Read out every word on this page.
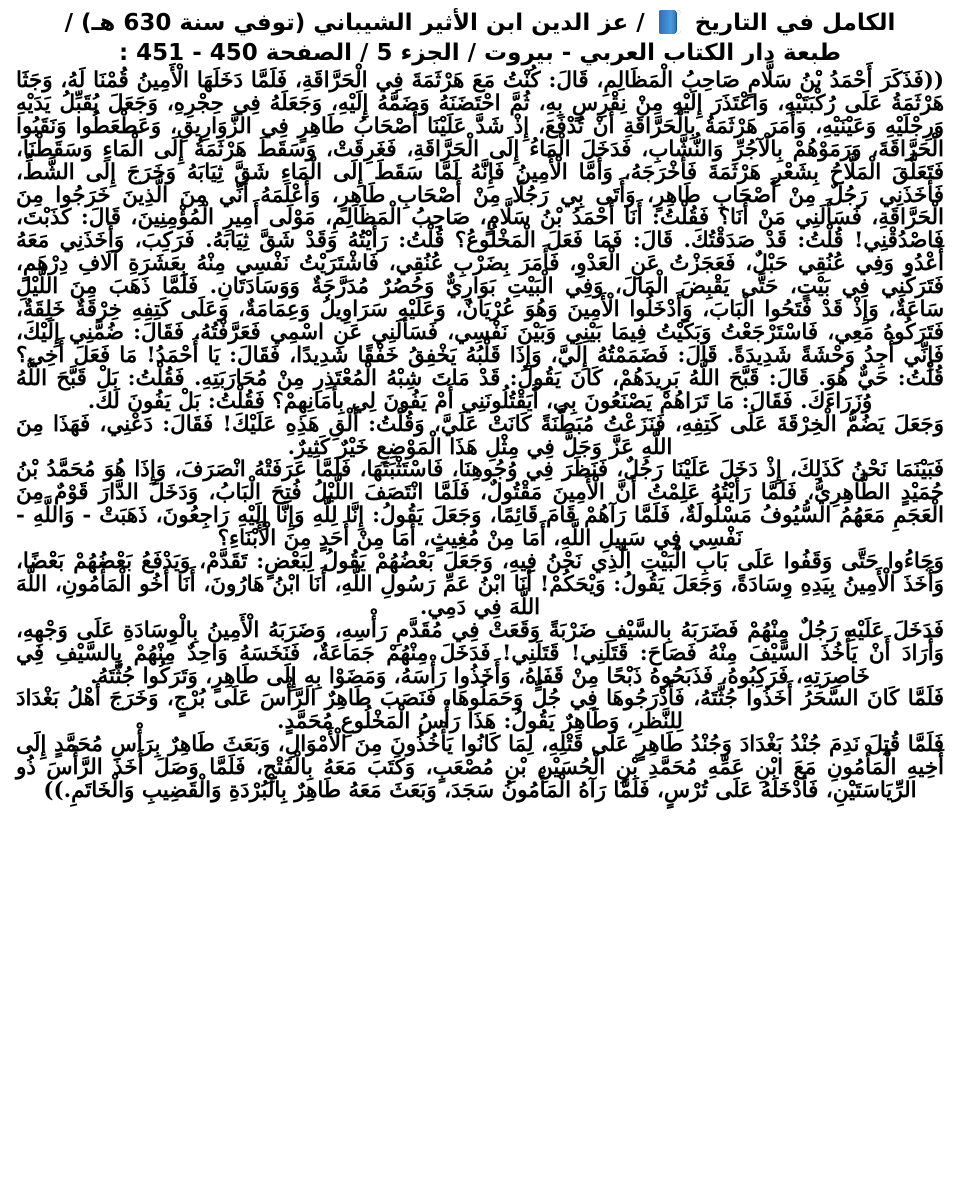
الكامل في التاريخ  / عز الدين ابن الأثير الشيباني (توفي سنة 630 هـ) /
طبعة دار الكتاب العربي - بيروت / الجزء 5 / الصفحة 450 - 451 :

((فَذَكَرَ أَحْمَدُ بْنُ سَلَّامٍ صَاحِبُ الْمَظَالِمِ، قَالَ: كُنْتُ مَعَ هَرْثَمَةَ فِي الْحَرَّاقَةِ، فَلَمَّا دَخَلَهَا الْأَمِينُ قُمْنَا لَهُ، وَجَثَا هَرْثَمَةُ عَلَى رُكْبَتَيْهِ، وَاعْتَذَرَ إِلَيْهِ مِنْ نِقْرِسٍ بِهِ، ثُمَّ احْتَضَنَهُ وَضَمَّهُ إِلَيْهِ، وَجَعَلَهُ فِي حِجْرِهِ، وَجَعَلَ يُقَبِّلُ يَدَيْهِ وَرِجْلَيْهِ وَعَيْنَيْهِ، وَأَمَرَ هَرْثَمَةُ بِالْحَرَّاقَةِ أَنْ تُدْفَعَ، إِذْ شَدَّ عَلَيْنَا أَصْحَابُ طَاهِرٍ فِي الزَّوَارِيقِ، وَعَطْعَطُوا وَنَقَبُوا الْحَرَّاقَةَ، وَرَمَوْهُمْ بِالْآجُرِّ وَالنُّشَّابِ، فَدَخَلَ الْمَاءُ إِلَى الْحَرَّاقَةِ، فَغَرِقَتْ، وَسَقَطَ هَرْثَمَةُ إِلَى الْمَاءِ وَسَقَطْنَا، فَتَعَلَّقَ الْمَلَّاحُ بِشَعْرِ هَرْثَمَةَ فَأَخْرَجَهُ، وَأَمَّا الْأَمِينُ فَإِنَّهُ لَمَّا سَقَطَ إِلَى الْمَاءِ شَقَّ ثِيَابَهُ وَخَرَجَ إِلَى الشَّطِّ، فَأَخَذَنِي رَجُلٌ مِنْ أَصْحَابِ طَاهِرٍ، وَأَتَى بِي رَجُلًا مِنْ أَصْحَابِ طَاهِرٍ، وَأَعْلَمَهُ أَنِّي مِنَ الَّذِينَ خَرَجُوا مِنَ الْحَرَّاقَةِ، فَسَأَلَنِي مَنْ أَنَا؟ فَقُلْتُ: أَنَا أَحْمَدُ بْنُ سَلَّامٍ، صَاحِبُ الْمَظَالِمِ، مَوْلَى أَمِيرِ الْمُؤْمِنِينَ، قَالَ: كَذَبْتَ، فَاصْدُقْنِي! قُلْتُ: قَدْ صَدَقْتُكَ. قَالَ: فَمَا فَعَلَ الْمَخْلُوعُ؟ قُلْتُ: رَأَيْتُهُ وَقَدْ شَقَّ ثِيَابَهُ. فَرَكِبَ، وَأَخَذَنِي مَعَهُ أَعْدُو وَفِي عُنُقِي حَبْلٌ، فَعَجَزْتُ عَنِ الْعَدْوِ، فَأَمَرَ بِضَرْبِ عُنُقِي، فَاشْتَرَيْتُ نَفْسِي مِنْهُ بِعَشَرَةِ آلَافِ دِرْهَمٍ، فَتَرَكَنِي فِي بَيْتٍ، حَتَّى يَقْبِضَ الْمَالَ، وَفِي الْبَيْتِ بَوَارِيٌّ وَحُصُرٌ مُدَرَّجَةٌ وَوَسَادَتَانِ. فَلَمَّا ذَهَبَ مِنَ اللَّيْلِ سَاعَةٌ، وَإِذْ قَدْ فَتَحُوا الْبَابَ، وَأَدْخَلُوا الْأَمِينَ وَهُوَ عُرْيَانٌ، وَعَلَيْهِ سَرَاوِيلُ وَعِمَامَةٌ، وَعَلَى كَتِفِهِ خِرْقَةٌ خَلِقَةٌ، فَتَرَكُوهُ مَعِي، فَاسْتَرْجَعْتُ وَبَكَيْتُ فِيمَا بَيْنِي وَبَيْنَ نَفْسِي، فَسَأَلَنِي عَنِ اسْمِي فَعَرَّفْتُهُ، فَقَالَ: ضُمَّنِي إِلَيْكَ، فَإِنِّي أَجِدُ وَحْشَةً شَدِيدَةً. قَالَ: فَضَمَمْتُهُ إِلَيَّ، وَإِذَا قَلْبُهُ يَخْفِقُ خَفْقًا شَدِيدًا، فَقَالَ: يَا أَحْمَدُ! مَا فَعَلَ أَخِي؟ قُلْتُ: حَيٌّ هُوَ. قَالَ: قَبَّحَ اللَّهُ بَرِيدَهُمْ، كَانَ يَقُولُ: قَدْ مَاتَ شِبْهُ الْمُعْتَذِرِ مِنْ مُحَارَبَتِهِ. فَقُلْتُ: بَلْ قَبَّحَ اللَّهُ وُزَرَاءَكَ. فَقَالَ: مَا تَرَاهُمْ يَصْنَعُونَ بِي، أَيَقْتُلُونَنِي أَمْ يَفُونَ لِي بِأَمَانِهِمْ؟ فَقُلْتُ: بَلْ يَفُونَ لَكَ.

وَجَعَلَ يَضُمُّ الْخِرْقَةَ عَلَى كَتِفِهِ، فَنَزَعْتُ مُبَطَّنَةً كَانَتْ عَلَيَّ، وَقُلْتُ: أَلْقِ هَذِهِ عَلَيْكَ! فَقَالَ: دَعْنِي، فَهَذَا مِنَ اللَّهِ عَزَّ وَجَلَّ فِي مِثْلِ هَذَا الْمَوْضِعِ خَيْرٌ كَثِيرٌ.

فَبَيْنَمَا نَحْنُ كَذَلِكَ، إِذْ دَخَلَ عَلَيْنَا رَجُلٌ، فَنَظَرَ فِي وُجُوهِنَا، فَاسْتَثْبَتَهَا، فَلَمَّا عَرَفَتْهُ انْصَرَفَ، وَإِذَا هُوَ مُحَمَّدُ بْنُ حُمَيْدٍ الطَّاهِرِيُّ، فَلَمَّا رَأَيْتُهُ عَلِمْتُ أَنَّ الْأَمِينَ مَقْتُولٌ، فَلَمَّا انْتَصَفَ اللَّيْلُ فُتِحَ الْبَابُ، وَدَخَلَ الدَّارَ قَوْمٌ مِنَ الْعَجَمِ مَعَهُمُ السُّيُوفُ مَسْلُولَةٌ، فَلَمَّا رَآهُمْ قَامَ قَائِمًا، وَجَعَلَ يَقُولُ: إِنَّا لِلَّهِ وَإِنَّا إِلَيْهِ رَاجِعُونَ، ذَهَبَتْ - وَاللَّهِ - نَفْسِي فِي سَبِيلِ اللَّهِ، أَمَا مِنْ مُغِيثٍ، أَمَا مِنْ أَحَدٍ مِنَ الْأَبْنَاءِ؟

وَجَاءُوا حَتَّى وَقَفُوا عَلَى بَابِ الْبَيْتِ الَّذِي نَحْنُ فِيهِ، وَجَعَلَ بَعْضُهُمْ يَقُولُ لِبَعْضٍ: تَقَدَّمْ، وَيَدْفَعُ بَعْضُهُمْ بَعْضًا، وَأَخَذَ الْأَمِينُ بِيَدِهِ وِسَادَةً، وَجَعَلَ يَقُولُ: وَيْحَكُمْ! أَنَا ابْنُ عَمِّ رَسُولِ اللَّهِ، أَنَا ابْنُ هَارُونَ، أَنَا أَخُو الْمَأْمُونِ، اللَّهَ اللَّهَ فِي دَمِي.

فَدَخَلَ عَلَيْهِ رَجُلٌ مِنْهُمْ فَضَرَبَهُ بِالسَّيْفِ ضَرْبَةً وَقَعَتْ فِي مُقَدَّمِ رَأْسِهِ، وَضَرَبَهُ الْأَمِينُ بِالْوِسَادَةِ عَلَى وَجْهِهِ، وَأَرَادَ أَنْ يَأْخُذَ السَّيْفَ مِنْهُ فَصَاحَ: قَتَلَنِي! قَتَلَنِي! فَدَخَلَ مِنْهُمْ جَمَاعَةٌ، فَنَخَسَهُ وَاحِدٌ مِنْهُمْ بِالسَّيْفِ فِي خَاصِرَتِهِ، فَرَكِبُوهُ، فَذَبَحُوهُ ذَبْحًا مِنْ قَفَاهُ، وَأَخَذُوا رَأْسَهُ، وَمَضَوْا بِهِ إِلَى طَاهِرٍ، وَتَرَكُوا جُثَّتَهُ.

فَلَمَّا كَانَ السَّحَرُ أَخَذُوا جُثَّتَهُ، فَأَدْرَجُوهَا فِي جُلٍّ وَحَمَلُوهَا، فَنَصَبَ طَاهِرٌ الرَّأْسَ عَلَى بُرْجٍ، وَخَرَجَ أَهْلُ بَغْدَادَ لِلنَّظَرِ، وَطَاهِرٌ يَقُولُ: هَذَا رَأْسُ الْمَخْلُوعِ مُحَمَّدٍ.

فَلَمَّا قُتِلَ نَدِمَ جُنْدُ بَغْدَادَ وَجُنْدُ طَاهِرٍ عَلَى قَتْلِهِ، لِمَا كَانُوا يَأْخُذُونَ مِنَ الْأَمْوَالِ، وَبَعَثَ طَاهِرٌ بِرَأْسِ مُحَمَّدٍ إِلَى أَخِيهِ الْمَأْمُونِ مَعَ ابْنِ عَمِّهِ مُحَمَّدِ بْنِ الْحُسَيْنِ بْنِ مُصْعَبٍ، وَكَتَبَ مَعَهُ بِالْفَتْحِ، فَلَمَّا وَصَلَ أَخَذَ الرَّأْسَ ذُو الرِّيَاسَتَيْنِ، فَأَدْخَلَهُ عَلَى تُرْسٍ، فَلَمَّا رَآهُ الْمَأْمُونُ سَجَدَ، وَبَعَثَ مَعَهُ طَاهِرٌ بِالْبُرْدَةِ وَالْقَضِيبِ وَالْخَاتَمِ.))
